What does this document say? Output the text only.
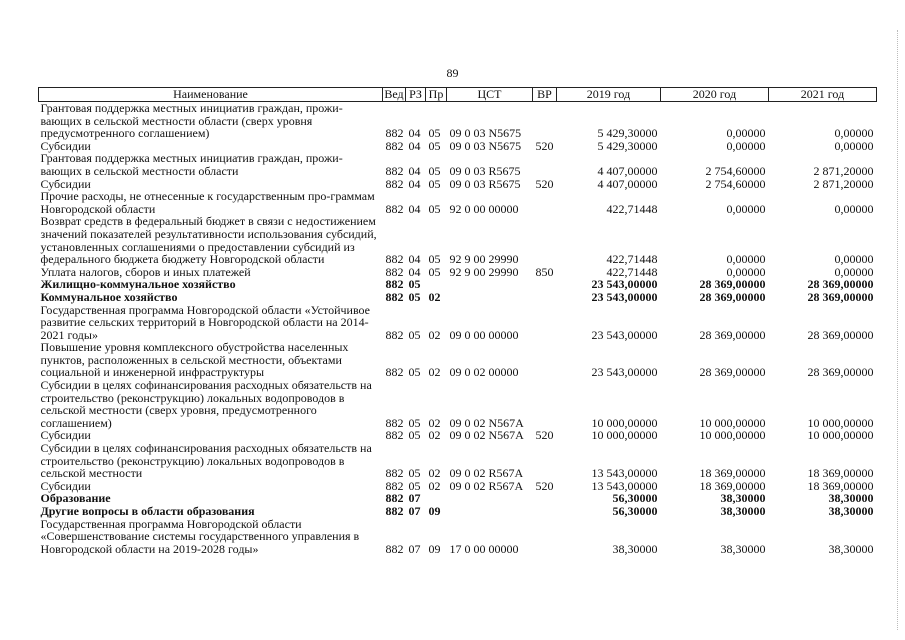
89
Наименование	Вед	РЗ	Пр	ЦСТ	ВР	2019 год	2020 год	2021 год
Грантовая поддержка местных инициатив граждан, прожи-вающих в сельской местности области (сверх уровня предусмотренного соглашением)	882	04	05	09 0 03 N5675		5 429,30000	0,00000	0,00000
Субсидии	882	04	05	09 0 03 N5675	520	5 429,30000	0,00000	0,00000
Грантовая поддержка местных инициатив граждан, прожи-вающих в сельской местности области	882	04	05	09 0 03 R5675		4 407,00000	2 754,60000	2 871,20000
Субсидии	882	04	05	09 0 03 R5675	520	4 407,00000	2 754,60000	2 871,20000
Прочие расходы, не отнесенные к государственным про-граммам Новгородской области	882	04	05	92 0 00 00000		422,71448	0,00000	0,00000
Возврат средств в федеральный бюджет в связи с недостижением значений показателей результативности использования субсидий, установленных соглашениями о предоставлении субсидий из федерального бюджета бюджету Новгородской области	882	04	05	92 9 00 29990		422,71448	0,00000	0,00000
Уплата налогов, сборов и иных платежей	882	04	05	92 9 00 29990	850	422,71448	0,00000	0,00000
Жилищно-коммунальное хозяйство	882	05				23 543,00000	28 369,00000	28 369,00000
Коммунальное хозяйство	882	05	02			23 543,00000	28 369,00000	28 369,00000
Государственная программа Новгородской области «Устойчивое развитие сельских территорий в Новгородской области на 2014-2021 годы»	882	05	02	09 0 00 00000		23 543,00000	28 369,00000	28 369,00000
Повышение уровня комплексного обустройства населенных пунктов, расположенных в сельской местности, объектами социальной и инженерной инфраструктуры	882	05	02	09 0 02 00000		23 543,00000	28 369,00000	28 369,00000
Субсидии в целях софинансирования расходных обязательств на строительство (реконструкцию) локальных водопроводов в сельской местности (сверх уровня, предусмотренного соглашением)	882	05	02	09 0 02 N567A		10 000,00000	10 000,00000	10 000,00000
Субсидии	882	05	02	09 0 02 N567A	520	10 000,00000	10 000,00000	10 000,00000
Субсидии в целях софинансирования расходных обязательств на строительство (реконструкцию) локальных водопроводов в сельской местности	882	05	02	09 0 02 R567A		13 543,00000	18 369,00000	18 369,00000
Субсидии	882	05	02	09 0 02 R567A	520	13 543,00000	18 369,00000	18 369,00000
Образование	882	07				56,30000	38,30000	38,30000
Другие вопросы в области образования	882	07	09			56,30000	38,30000	38,30000
Государственная программа Новгородской области «Совершенствование системы государственного управления в Новгородской области на 2019-2028 годы»	882	07	09	17 0 00 00000		38,30000	38,30000	38,30000
